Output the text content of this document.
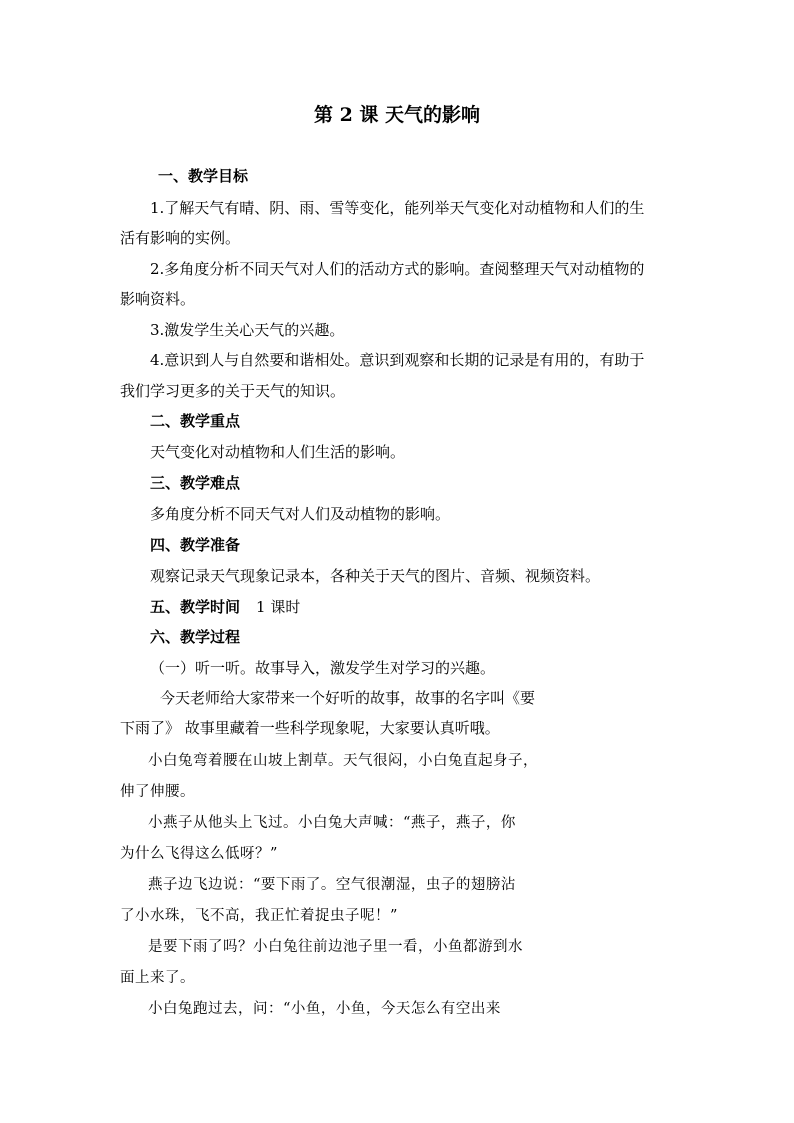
第 2 课 天气的影响
一、教学目标
1.了解天气有晴、阴、雨、雪等变化，能列举天气变化对动植物和人们的生
活有影响的实例。
2.多角度分析不同天气对人们的活动方式的影响。查阅整理天气对动植物的
影响资料。
3.激发学生关心天气的兴趣。
4.意识到人与自然要和谐相处。意识到观察和长期的记录是有用的，有助于
我们学习更多的关于天气的知识。
二、教学重点
天气变化对动植物和人们生活的影响。
三、教学难点
多角度分析不同天气对人们及动植物的影响。
四、教学准备
观察记录天气现象记录本，各种关于天气的图片、音频、视频资料。
五、教学时间 1 课时
六、教学过程
（一）听一听。故事导入，激发学生对学习的兴趣。
今天老师给大家带来一个好听的故事，故事的名字叫《要
下雨了》 故事里藏着一些科学现象呢，大家要认真听哦。
小白兔弯着腰在山坡上割草。天气很闷，小白兔直起身子，
伸了伸腰。
小燕子从他头上飞过。小白兔大声喊：“燕子，燕子，你
为什么飞得这么低呀？”
燕子边飞边说：“要下雨了。空气很潮湿，虫子的翅膀沾
了小水珠，飞不高，我正忙着捉虫子呢！”
是要下雨了吗？小白兔往前边池子里一看，小鱼都游到水
面上来了。
小白兔跑过去，问：“小鱼，小鱼，今天怎么有空出来
